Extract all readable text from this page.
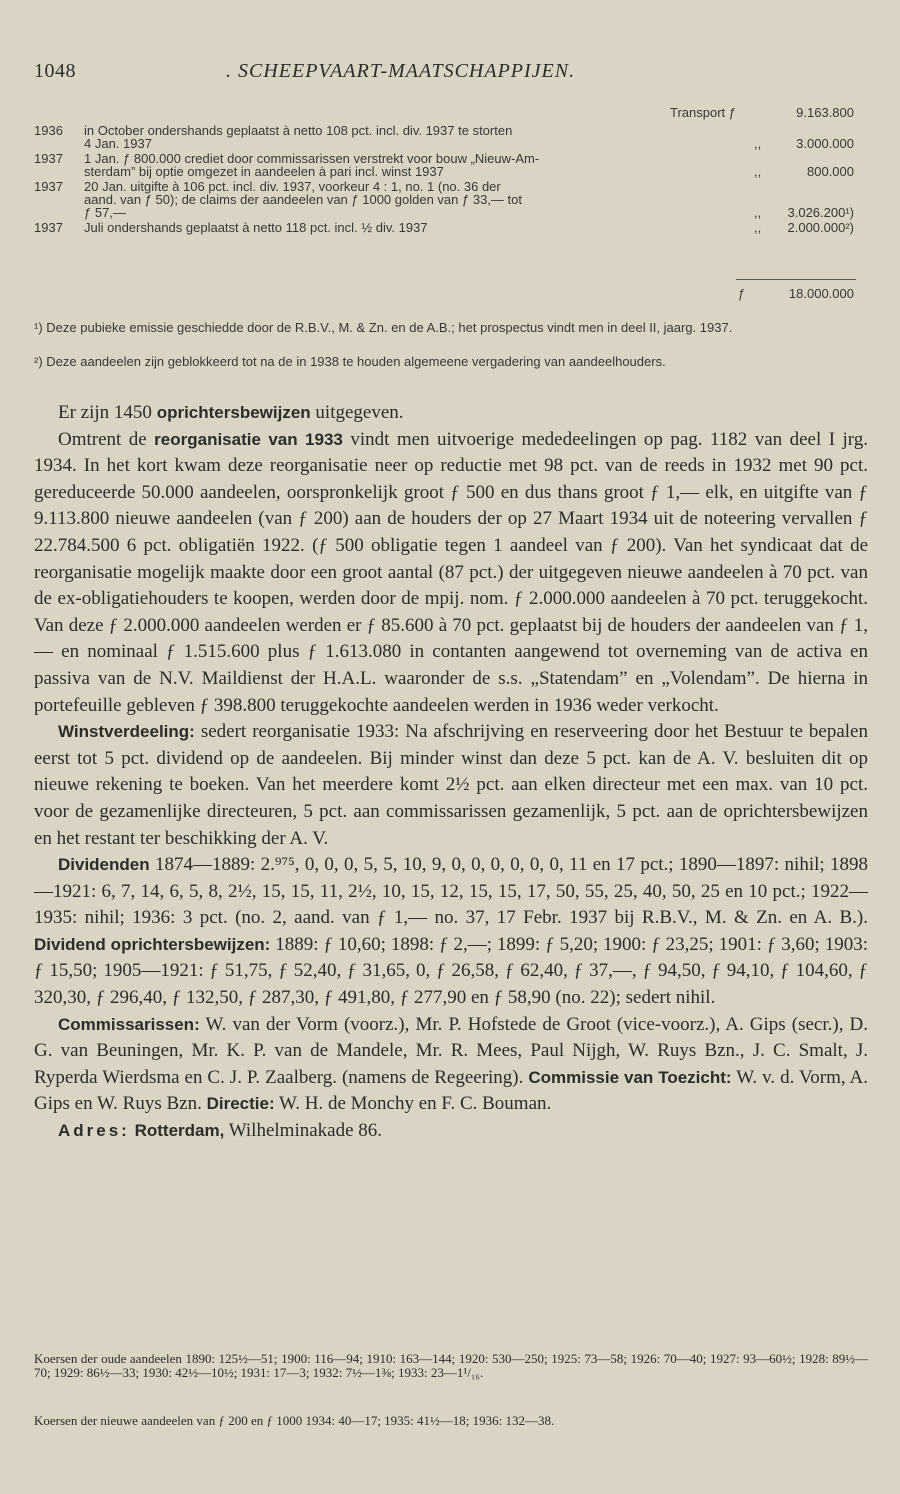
1048	. SCHEEPVAART-MAATSCHAPPIJEN.
Transport ƒ	9.163.800
1936 in October ondershands geplaatst à netto 108 pct. incl. div. 1937 te storten
4 Jan. 1937	,,	3.000.000
1937 1 Jan. ƒ 800.000 crediet door commissarissen verstrekt voor bouw „Nieuw-Am-
sterdam” bij optie omgezet in aandeelen à pari incl. winst 1937	,,	800.000
1937 20 Jan. uitgifte à 106 pct. incl. div. 1937, voorkeur 4 : 1, no. 1 (no. 36 der
aand. van ƒ 50); de claims der aandeelen van ƒ 1000 golden van ƒ 33,— tot
ƒ 57,—	,, 3.026.200¹)
1937 Juli ondershands geplaatst à netto 118 pct. incl. ½ div. 1937	,, 2.000.000²)
ƒ	18.000.000
¹) Deze pubieke emissie geschiedde door de R.B.V., M. & Zn. en de A.B.; het prospectus vindt men in deel II, jaarg. 1937.
²) Deze aandeelen zijn geblokkeerd tot na de in 1938 te houden algemeene vergadering van aandeelhouders.

Er zijn 1450 oprichtersbewijzen uitgegeven.

Omtrent de reorganisatie van 1933 vindt men uitvoerige mededeelingen op pag. 1182 van deel I jrg. 1934. In het kort kwam deze reorganisatie neer op reductie met 98 pct. van de reeds in 1932 met 90 pct. gereduceerde 50.000 aandeelen, oorspronkelijk groot ƒ 500 en dus thans groot ƒ 1,— elk, en uitgifte van ƒ 9.113.800 nieuwe aandeelen (van ƒ 200) aan de houders der op 27 Maart 1934 uit de noteering vervallen ƒ 22.784.500 6 pct. obligatiën 1922. (ƒ 500 obligatie tegen 1 aandeel van ƒ 200). Van het syndicaat dat de reorganisatie mogelijk maakte door een groot aantal (87 pct.) der uitgegeven nieuwe aandeelen à 70 pct. van de ex-obligatiehouders te koopen, werden door de mpij. nom. ƒ 2.000.000 aandeelen à 70 pct. teruggekocht. Van deze ƒ 2.000.000 aandeelen werden er ƒ 85.600 à 70 pct. geplaatst bij de houders der aandeelen van ƒ 1,— en nominaal ƒ 1.515.600 plus ƒ 1.613.080 in contanten aangewend tot overneming van de activa en passiva van de N.V. Maildienst der H.A.L. waaronder de s.s. „Statendam” en „Volendam”. De hierna in portefeuille gebleven ƒ 398.800 teruggekochte aandeelen werden in 1936 weder verkocht.

Winstverdeeling: sedert reorganisatie 1933: Na afschrijving en reserveering door het Bestuur te bepalen eerst tot 5 pct. dividend op de aandeelen. Bij minder winst dan deze 5 pct. kan de A. V. besluiten dit op nieuwe rekening te boeken. Van het meerdere komt 2½ pct. aan elken directeur met een max. van 10 pct. voor de gezamenlijke directeuren, 5 pct. aan commissarissen gezamenlijk, 5 pct. aan de oprichtersbewijzen en het restant ter beschikking der A. V.

Dividenden 1874—1889: 2.⁹⁷⁵, 0, 0, 0, 5, 5, 10, 9, 0, 0, 0, 0, 0, 0, 11 en 17 pct.; 1890—1897: nihil; 1898—1921: 6, 7, 14, 6, 5, 8, 2½, 15, 15, 11, 2½, 10, 15, 12, 15, 15, 17, 50, 55, 25, 40, 50, 25 en 10 pct.; 1922—1935: nihil; 1936: 3 pct. (no. 2, aand. van ƒ 1,— no. 37, 17 Febr. 1937 bij R.B.V., M. & Zn. en A. B.). Dividend oprichtersbewijzen: 1889: ƒ 10,60; 1898: ƒ 2,—; 1899: ƒ 5,20; 1900: ƒ 23,25; 1901: ƒ 3,60; 1903: ƒ 15,50; 1905—1921: ƒ 51,75, ƒ 52,40, ƒ 31,65, 0, ƒ 26,58, ƒ 62,40, ƒ 37,—, ƒ 94,50, ƒ 94,10, ƒ 104,60, ƒ 320,30, ƒ 296,40, ƒ 132,50, ƒ 287,30, ƒ 491,80, ƒ 277,90 en ƒ 58,90 (no. 22); sedert nihil.

Commissarissen: W. van der Vorm (voorz.), Mr. P. Hofstede de Groot (vice-voorz.), A. Gips (secr.), D. G. van Beuningen, Mr. K. P. van de Mandele, Mr. R. Mees, Paul Nijgh, W. Ruys Bzn., J. C. Smalt, J. Ryperda Wierdsma en C. J. P. Zaalberg. (namens de Regeering). Commissie van Toezicht: W. v. d. Vorm, A. Gips en W. Ruys Bzn. Directie: W. H. de Monchy en F. C. Bouman.

Adres: Rotterdam, Wilhelminakade 86.

Koersen der oude aandeelen 1890: 125½—51; 1900: 116—94; 1910: 163—144; 1920: 530—250; 1925: 73—58; 1926: 70—40; 1927: 93—60½; 1928: 89½—70; 1929: 86½—33; 1930: 42½—10½; 1931: 17—3; 1932: 7½—1⅜; 1933: 23—1¹/₁₆.
Koersen der nieuwe aandeelen van ƒ 200 en ƒ 1000 1934: 40—17; 1935: 41½—18; 1936: 132—38.
